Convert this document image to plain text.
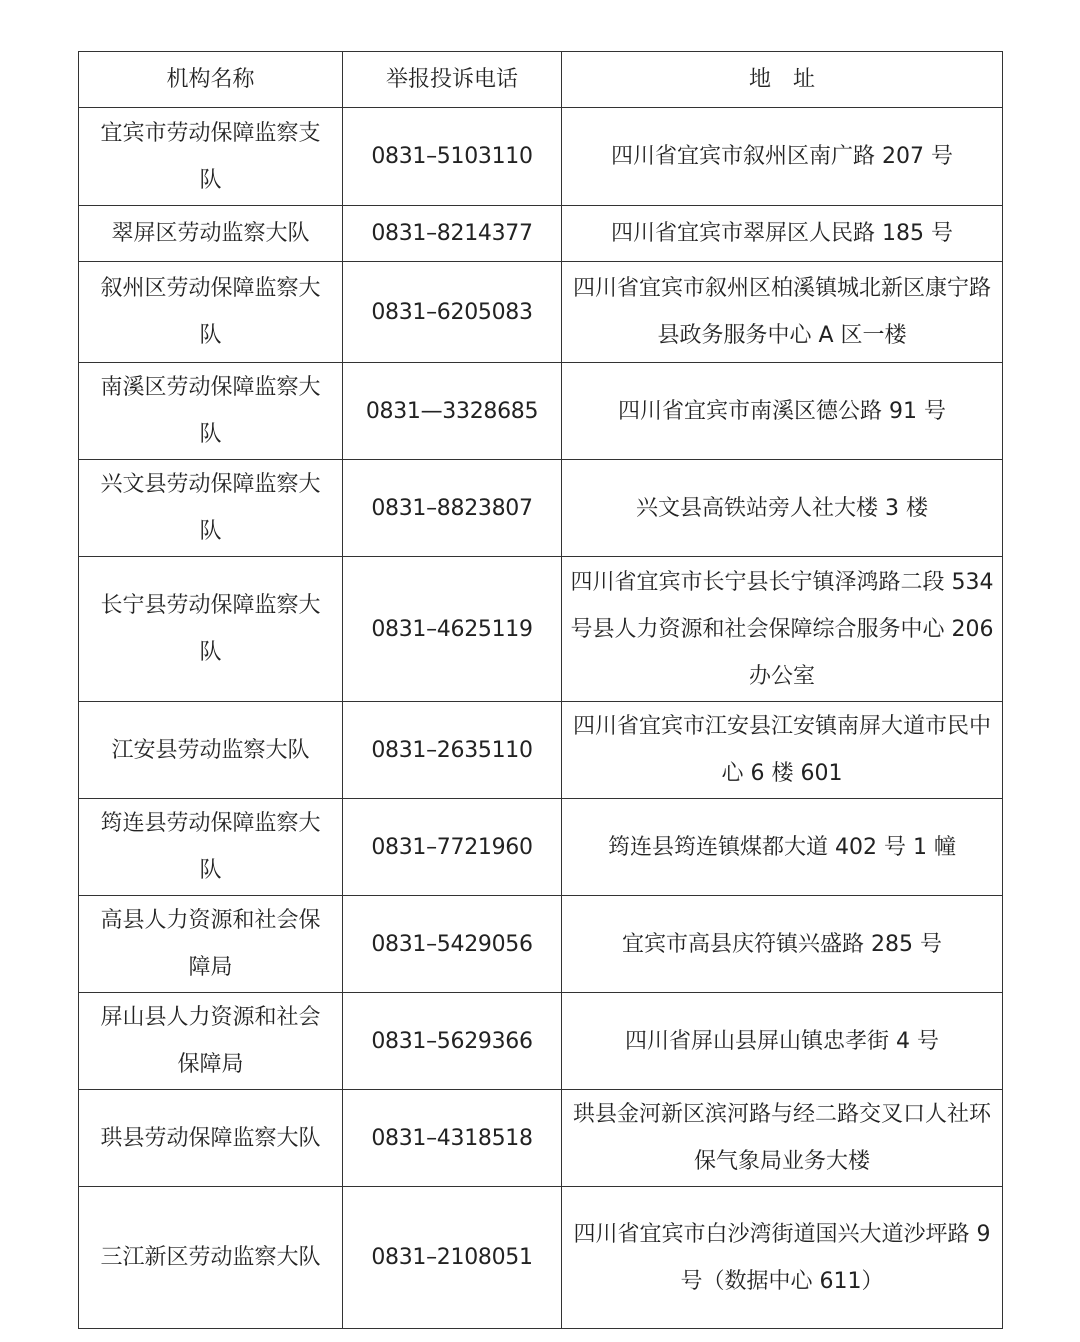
机构名称	举报投诉电话	地　址
宜宾市劳动保障监察支队	0831–5103110	四川省宜宾市叙州区南广路 207 号
翠屏区劳动监察大队	0831–8214377	四川省宜宾市翠屏区人民路 185 号
叙州区劳动保障监察大队	0831–6205083	四川省宜宾市叙州区柏溪镇城北新区康宁路县政务服务中心 A 区一楼
南溪区劳动保障监察大队	0831—3328685	四川省宜宾市南溪区德公路 91 号
兴文县劳动保障监察大队	0831–8823807	兴文县高铁站旁人社大楼 3 楼
长宁县劳动保障监察大队	0831–4625119	四川省宜宾市长宁县长宁镇泽鸿路二段 534 号县人力资源和社会保障综合服务中心 206 办公室
江安县劳动监察大队	0831–2635110	四川省宜宾市江安县江安镇南屏大道市民中心 6 楼 601
筠连县劳动保障监察大队	0831–7721960	筠连县筠连镇煤都大道 402 号 1 幢
高县人力资源和社会保障局	0831–5429056	宜宾市高县庆符镇兴盛路 285 号
屏山县人力资源和社会保障局	0831–5629366	四川省屏山县屏山镇忠孝街 4 号
珙县劳动保障监察大队	0831–4318518	珙县金河新区滨河路与经二路交叉口人社环保气象局业务大楼
三江新区劳动监察大队	0831–2108051	四川省宜宾市白沙湾街道国兴大道沙坪路 9 号（数据中心 611）
